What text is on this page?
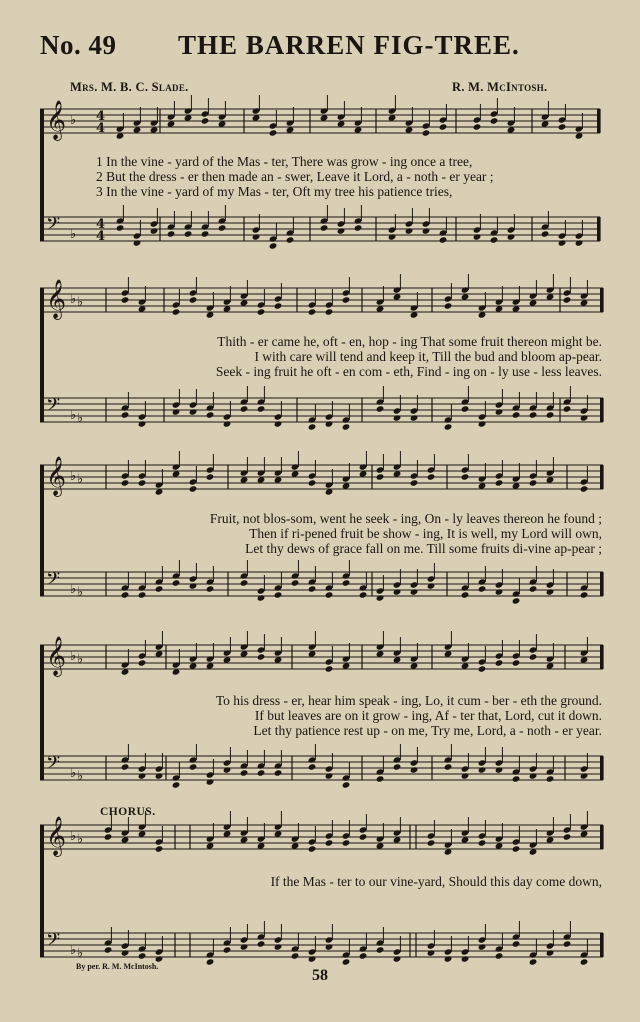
No. 49 THE BARREN FIG-TREE.
Mrs. M. B. C. Slade.	R. M. McIntosh.
𝄞 ♭ 4
4
𝄢 ♭
4
4
𝄞 ♭ ♭
𝄢 ♭ ♭
𝄞 ♭ ♭
𝄢 ♭ ♭
𝄞 ♭ ♭
𝄢 ♭ ♭
𝄞 ♭ ♭
𝄢 ♭ ♭
1 In the vine - yard of the Mas - ter, There was grow - ing once a tree,
2 But the dress - er then made an - swer, Leave it Lord, a - noth - er year ;
3 In the vine - yard of my Mas - ter, Oft my tree his patience tries,
Thith - er came he, oft - en, hop - ing That some fruit thereon might be.
I with care will tend and keep it, Till the bud and bloom ap-pear.
Seek - ing fruit he oft - en com - eth, Find - ing on - ly use - less leaves.
Fruit, not blos-som, went he seek - ing, On - ly leaves thereon he found ;
Then if ri-pened fruit be show - ing, It is well, my Lord will own,
Let thy dews of grace fall on me. Till some fruits di-vine ap-pear ;
To his dress - er, hear him speak - ing, Lo, it cum - ber - eth the ground.
If but leaves are on it grow - ing, Af - ter that, Lord, cut it down.
Let thy patience rest up - on me, Try me, Lord, a - noth - er year.
CHORUS.
If the Mas - ter to our vine-yard, Should this day come down,
By per. R. M. McIntosh.
58
